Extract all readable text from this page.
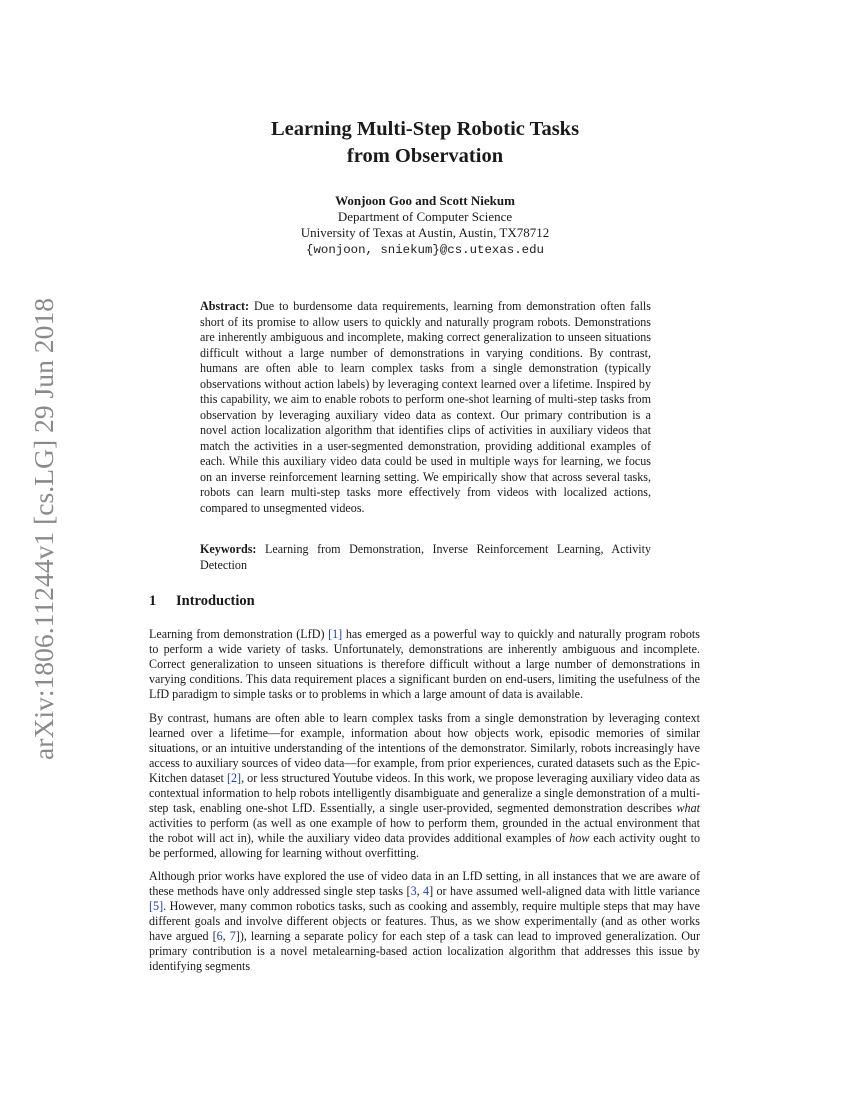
arXiv:1806.11244v1 [cs.LG] 29 Jun 2018
Learning Multi-Step Robotic Tasks
from Observation
Wonjoon Goo and Scott Niekum
Department of Computer Science
University of Texas at Austin, Austin, TX78712
{wonjoon, sniekum}@cs.utexas.edu
Abstract: Due to burdensome data requirements, learning from demonstration often falls short of its promise to allow users to quickly and naturally program robots. Demonstrations are inherently ambiguous and incomplete, making correct generalization to unseen situations difficult without a large number of demonstrations in varying conditions. By contrast, humans are often able to learn complex tasks from a single demonstration (typically observations without action labels) by leveraging context learned over a lifetime. Inspired by this capability, we aim to enable robots to perform one-shot learning of multi-step tasks from observation by leveraging auxiliary video data as context. Our primary contribution is a novel action localization algorithm that identifies clips of activities in auxiliary videos that match the activities in a user-segmented demonstration, providing additional examples of each. While this auxiliary video data could be used in multiple ways for learning, we focus on an inverse reinforcement learning setting. We empirically show that across several tasks, robots can learn multi-step tasks more effectively from videos with localized actions, compared to unsegmented videos.
Keywords: Learning from Demonstration, Inverse Reinforcement Learning, Activity Detection
1 Introduction

Learning from demonstration (LfD) [1] has emerged as a powerful way to quickly and naturally program robots to perform a wide variety of tasks. Unfortunately, demonstrations are inherently ambiguous and incomplete. Correct generalization to unseen situations is therefore difficult without a large number of demonstrations in varying conditions. This data requirement places a significant burden on end-users, limiting the usefulness of the LfD paradigm to simple tasks or to problems in which a large amount of data is available.

By contrast, humans are often able to learn complex tasks from a single demonstration by leveraging context learned over a lifetime—for example, information about how objects work, episodic memories of similar situations, or an intuitive understanding of the intentions of the demonstrator. Similarly, robots increasingly have access to auxiliary sources of video data—for example, from prior experiences, curated datasets such as the Epic-Kitchen dataset [2], or less structured Youtube videos. In this work, we propose leveraging auxiliary video data as contextual information to help robots intelligently disambiguate and generalize a single demonstration of a multi-step task, enabling one-shot LfD. Essentially, a single user-provided, segmented demonstration describes what activities to perform (as well as one example of how to perform them, grounded in the actual environment that the robot will act in), while the auxiliary video data provides additional examples of how each activity ought to be performed, allowing for learning without overfitting.

Although prior works have explored the use of video data in an LfD setting, in all instances that we are aware of these methods have only addressed single step tasks [3, 4] or have assumed well-aligned data with little variance [5]. However, many common robotics tasks, such as cooking and assembly, require multiple steps that may have different goals and involve different objects or features. Thus, as we show experimentally (and as other works have argued [6, 7]), learning a separate policy for each step of a task can lead to improved generalization. Our primary contribution is a novel metalearning-based action localization algorithm that addresses this issue by identifying segments
